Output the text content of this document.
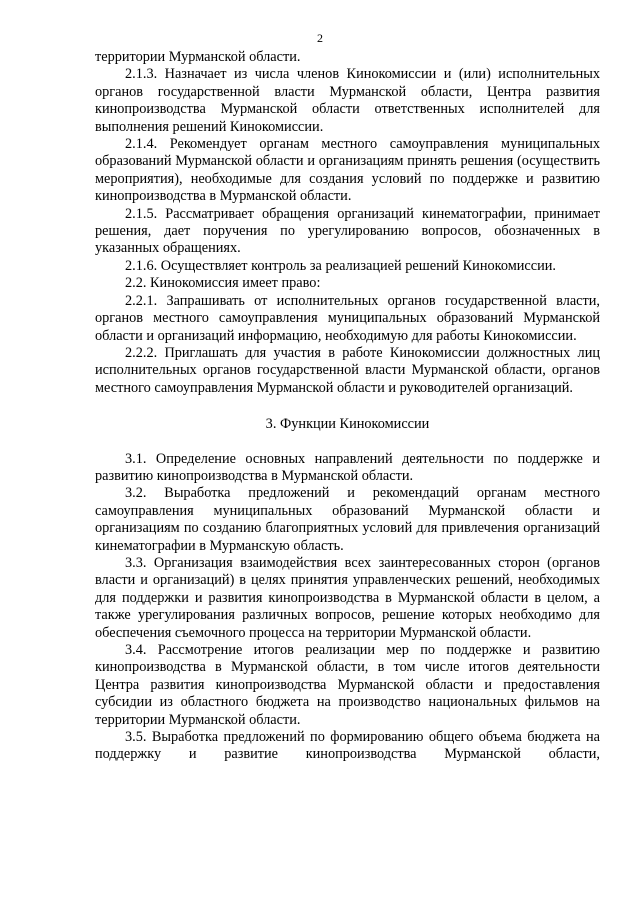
2

территории Мурманской области.

2.1.3. Назначает из числа членов Кинокомиссии и (или) исполнительных органов государственной власти Мурманской области, Центра развития кинопроизводства Мурманской области ответственных исполнителей для выполнения решений Кинокомиссии.

2.1.4. Рекомендует органам местного самоуправления муниципальных образований Мурманской области и организациям принять решения (осуществить мероприятия), необходимые для создания условий по поддержке и развитию кинопроизводства в Мурманской области.

2.1.5. Рассматривает обращения организаций кинематографии, принимает решения, дает поручения по урегулированию вопросов, обозначенных в указанных обращениях.

2.1.6. Осуществляет контроль за реализацией решений Кинокомиссии.

2.2. Кинокомиссия имеет право:

2.2.1. Запрашивать от исполнительных органов государственной власти, органов местного самоуправления муниципальных образований Мурманской области и организаций информацию, необходимую для работы Кинокомиссии.

2.2.2. Приглашать для участия в работе Кинокомиссии должностных лиц исполнительных органов государственной власти Мурманской области, органов местного самоуправления Мурманской области и руководителей организаций.

3. Функции Кинокомиссии

3.1. Определение основных направлений деятельности по поддержке и развитию кинопроизводства в Мурманской области.

3.2. Выработка предложений и рекомендаций органам местного самоуправления муниципальных образований Мурманской области и организациям по созданию благоприятных условий для привлечения организаций кинематографии в Мурманскую область.

3.3. Организация взаимодействия всех заинтересованных сторон (органов власти и организаций) в целях принятия управленческих решений, необходимых для поддержки и развития кинопроизводства в Мурманской области в целом, а также урегулирования различных вопросов, решение которых необходимо для обеспечения съемочного процесса на территории Мурманской области.

3.4. Рассмотрение итогов реализации мер по поддержке и развитию кинопроизводства в Мурманской области, в том числе итогов деятельности Центра развития кинопроизводства Мурманской области и предоставления субсидии из областного бюджета на производство национальных фильмов на территории Мурманской области.

3.5. Выработка предложений по формированию общего объема бюджета на поддержку и развитие кинопроизводства Мурманской области,
